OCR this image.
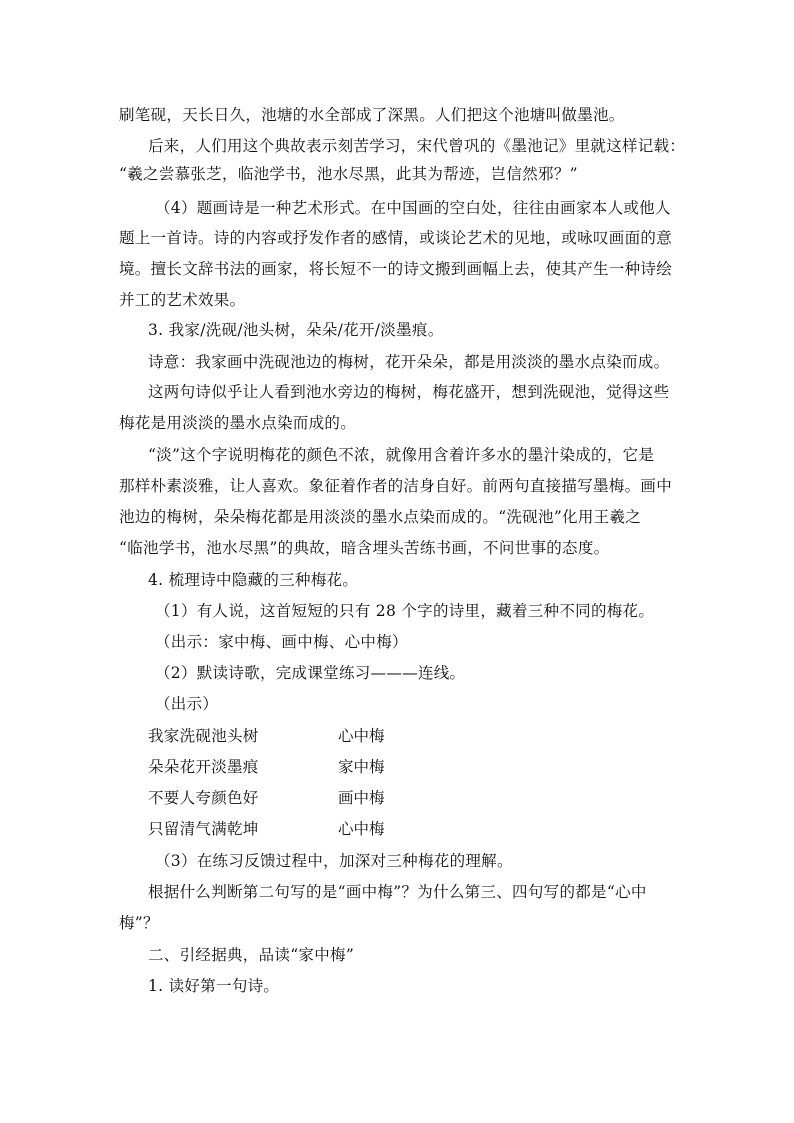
刷笔砚，天长日久，池塘的水全部成了深黑。人们把这个池塘叫做墨池。
后来，人们用这个典故表示刻苦学习，宋代曾巩的《墨池记》里就这样记载：
“羲之尝慕张芝，临池学书，池水尽黑，此其为帮迹，岂信然邪？”
（4）题画诗是一种艺术形式。在中国画的空白处，往往由画家本人或他人
题上一首诗。诗的内容或抒发作者的感情，或谈论艺术的见地，或咏叹画面的意
境。擅长文辞书法的画家，将长短不一的诗文搬到画幅上去，使其产生一种诗绘
并工的艺术效果。
3. 我家/洗砚/池头树，朵朵/花开/淡墨痕。
诗意：我家画中洗砚池边的梅树，花开朵朵，都是用淡淡的墨水点染而成。
这两句诗似乎让人看到池水旁边的梅树，梅花盛开，想到洗砚池，觉得这些
梅花是用淡淡的墨水点染而成的。
“淡”这个字说明梅花的颜色不浓，就像用含着许多水的墨汁染成的，它是
那样朴素淡雅，让人喜欢。象征着作者的洁身自好。前两句直接描写墨梅。画中
池边的梅树，朵朵梅花都是用淡淡的墨水点染而成的。“洗砚池”化用王羲之
“临池学书，池水尽黑”的典故，暗含埋头苦练书画，不问世事的态度。
4. 梳理诗中隐藏的三种梅花。
（1）有人说，这首短短的只有 28 个字的诗里，藏着三种不同的梅花。
（出示：家中梅、画中梅、心中梅）
（2）默读诗歌，完成课堂练习———连线。
（出示）
我家洗砚池头树	心中梅
朵朵花开淡墨痕	家中梅
不要人夸颜色好	画中梅
只留清气满乾坤	心中梅
（3）在练习反馈过程中，加深对三种梅花的理解。
根据什么判断第二句写的是“画中梅”？为什么第三、四句写的都是“心中
梅”？
二、引经据典，品读“家中梅”
1. 读好第一句诗。
